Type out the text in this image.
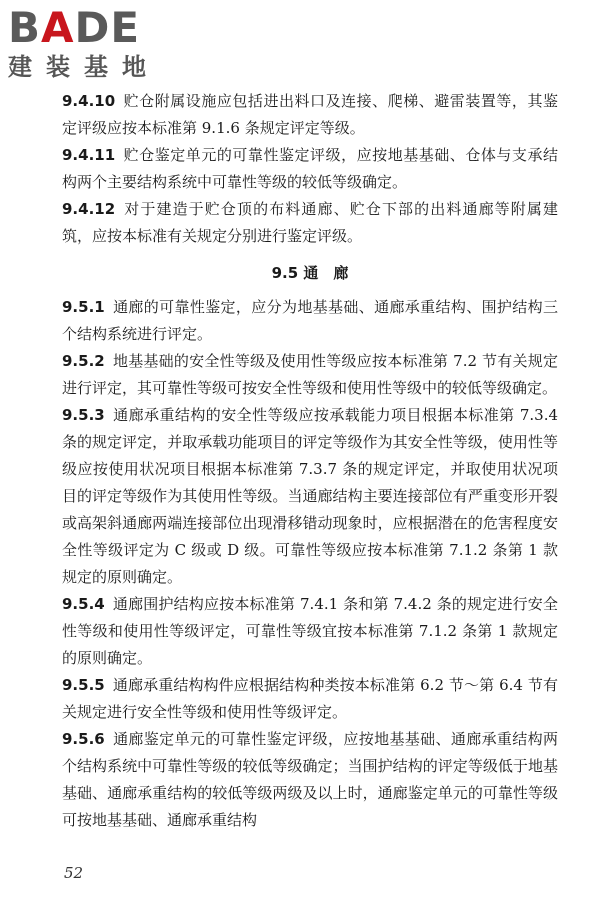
BADE
建装基地

9.4.10 贮仓附属设施应包括进出料口及连接、爬梯、避雷装置等，其鉴定评级应按本标准第 9.1.6 条规定评定等级。

9.4.11 贮仓鉴定单元的可靠性鉴定评级，应按地基基础、仓体与支承结构两个主要结构系统中可靠性等级的较低等级确定。

9.4.12 对于建造于贮仓顶的布料通廊、贮仓下部的出料通廊等附属建筑，应按本标准有关规定分别进行鉴定评级。

9.5 通　廊

9.5.1 通廊的可靠性鉴定，应分为地基基础、通廊承重结构、围护结构三个结构系统进行评定。

9.5.2 地基基础的安全性等级及使用性等级应按本标准第 7.2 节有关规定进行评定，其可靠性等级可按安全性等级和使用性等级中的较低等级确定。

9.5.3 通廊承重结构的安全性等级应按承载能力项目根据本标准第 7.3.4 条的规定评定，并取承载功能项目的评定等级作为其安全性等级，使用性等级应按使用状况项目根据本标准第 7.3.7 条的规定评定，并取使用状况项目的评定等级作为其使用性等级。当通廊结构主要连接部位有严重变形开裂或高架斜通廊两端连接部位出现滑移错动现象时，应根据潜在的危害程度安全性等级评定为 C 级或 D 级。可靠性等级应按本标准第 7.1.2 条第 1 款规定的原则确定。

9.5.4 通廊围护结构应按本标准第 7.4.1 条和第 7.4.2 条的规定进行安全性等级和使用性等级评定，可靠性等级宜按本标准第 7.1.2 条第 1 款规定的原则确定。

9.5.5 通廊承重结构构件应根据结构种类按本标准第 6.2 节～第 6.4 节有关规定进行安全性等级和使用性等级评定。

9.5.6 通廊鉴定单元的可靠性鉴定评级，应按地基基础、通廊承重结构两个结构系统中可靠性等级的较低等级确定；当围护结构的评定等级低于地基基础、通廊承重结构的较低等级两级及以上时，通廊鉴定单元的可靠性等级可按地基基础、通廊承重结构

52
